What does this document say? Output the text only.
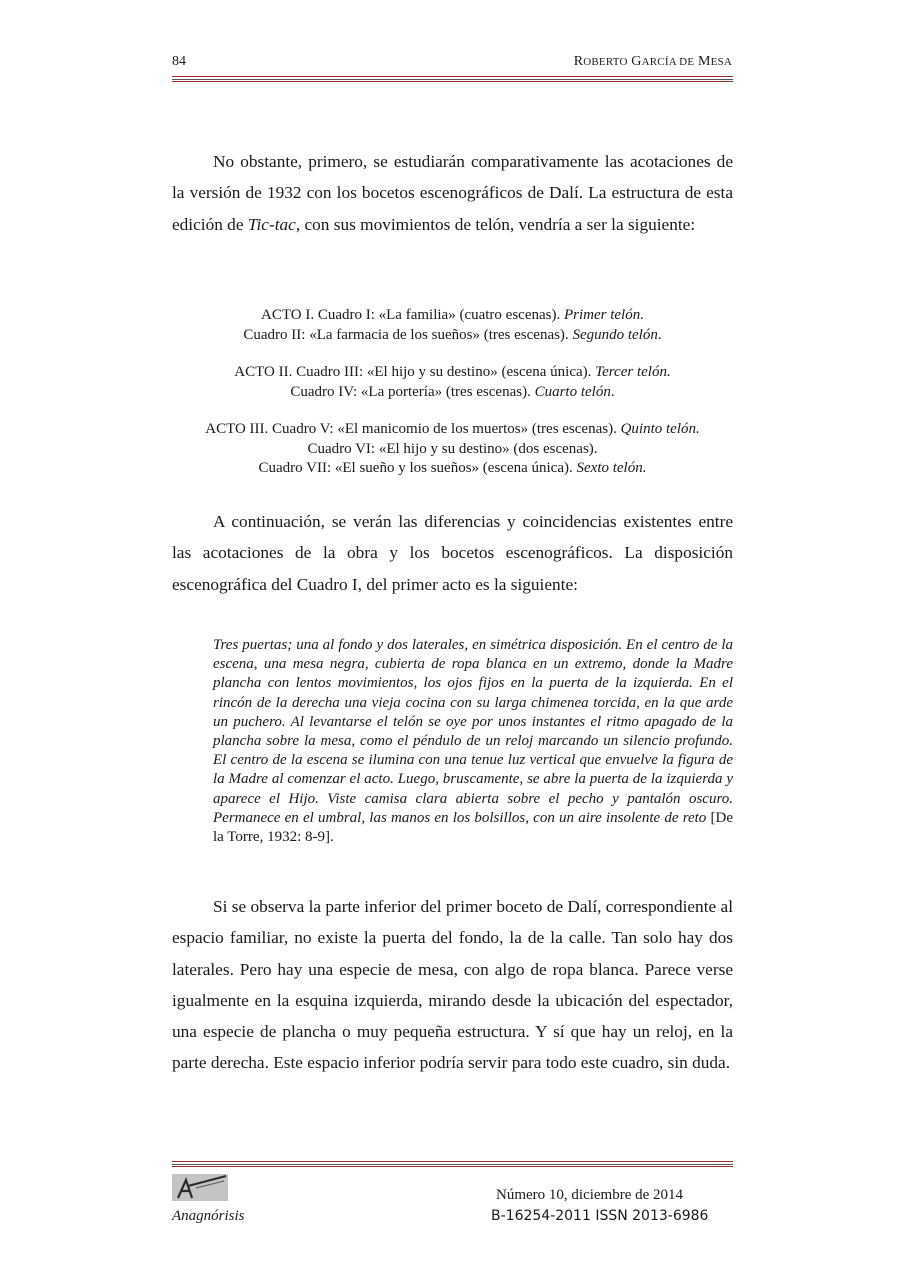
84	ROBERTO GARCÍA DE MESA

No obstante, primero, se estudiarán comparativamente las acotaciones de la versión de 1932 con los bocetos escenográficos de Dalí. La estructura de esta edición de Tic-tac, con sus movimientos de telón, vendría a ser la siguiente:

ACTO I. Cuadro I: «La familia» (cuatro escenas). Primer telón.
Cuadro II: «La farmacia de los sueños» (tres escenas). Segundo telón.
ACTO II. Cuadro III: «El hijo y su destino» (escena única). Tercer telón.
Cuadro IV: «La portería» (tres escenas). Cuarto telón.
ACTO III. Cuadro V: «El manicomio de los muertos» (tres escenas). Quinto telón.
Cuadro VI: «El hijo y su destino» (dos escenas).
Cuadro VII: «El sueño y los sueños» (escena única). Sexto telón.

A continuación, se verán las diferencias y coincidencias existentes entre las acotaciones de la obra y los bocetos escenográficos. La disposición escenográfica del Cuadro I, del primer acto es la siguiente:

Tres puertas; una al fondo y dos laterales, en simétrica disposición. En el centro de la escena, una mesa negra, cubierta de ropa blanca en un extremo, donde la Madre plancha con lentos movimientos, los ojos fijos en la puerta de la izquierda. En el rincón de la derecha una vieja cocina con su larga chimenea torcida, en la que arde un puchero. Al levantarse el telón se oye por unos instantes el ritmo apagado de la plancha sobre la mesa, como el péndulo de un reloj marcando un silencio profundo. El centro de la escena se ilumina con una tenue luz vertical que envuelve la figura de la Madre al comenzar el acto. Luego, bruscamente, se abre la puerta de la izquierda y aparece el Hijo. Viste camisa clara abierta sobre el pecho y pantalón oscuro. Permanece en el umbral, las manos en los bolsillos, con un aire insolente de reto [De la Torre, 1932: 8-9].

Si se observa la parte inferior del primer boceto de Dalí, correspondiente al espacio familiar, no existe la puerta del fondo, la de la calle. Tan solo hay dos laterales. Pero hay una especie de mesa, con algo de ropa blanca. Parece verse igualmente en la esquina izquierda, mirando desde la ubicación del espectador, una especie de plancha o muy pequeña estructura. Y sí que hay un reloj, en la parte derecha. Este espacio inferior podría servir para todo este cuadro, sin duda.

Anagnórisis
Número 10, diciembre de 2014
B-16254-2011 ISSN 2013-6986
